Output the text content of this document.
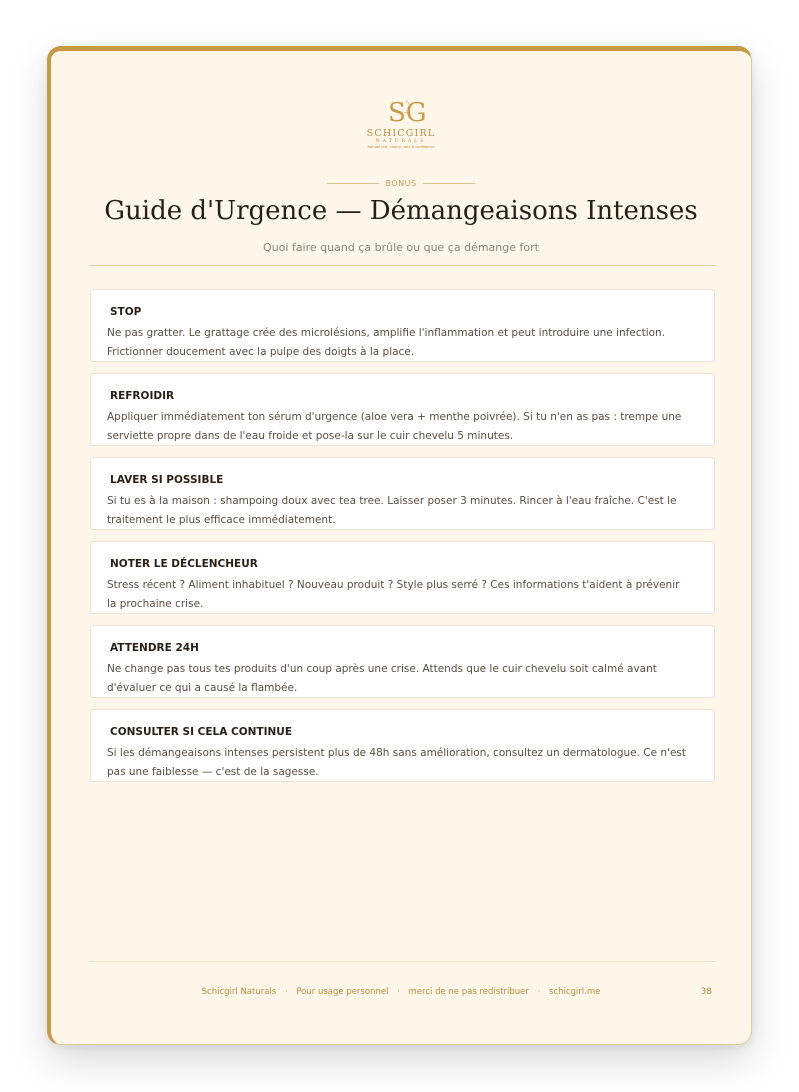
SG
SCHICGIRL
NATURALS
Naturel but · murry, soin & confidence
BONUS
Guide d'Urgence — Démangeaisons Intenses
Quoi faire quand ça brûle ou que ça démange fort
STOP
Ne pas gratter. Le grattage crée des microlésions, amplifie l'inflammation et peut introduire une infection. Frictionner doucement avec la pulpe des doigts à la place.
REFROIDIR
Appliquer immédiatement ton sérum d'urgence (aloe vera + menthe poivrée). Si tu n'en as pas : trempe une serviette propre dans de l'eau froide et pose-la sur le cuir chevelu 5 minutes.
LAVER SI POSSIBLE
Si tu es à la maison : shampoing doux avec tea tree. Laisser poser 3 minutes. Rincer à l'eau fraîche. C'est le traitement le plus efficace immédiatement.
NOTER LE DÉCLENCHEUR
Stress récent ? Aliment inhabituel ? Nouveau produit ? Style plus serré ? Ces informations t'aident à prévenir la prochaine crise.
ATTENDRE 24H
Ne change pas tous tes produits d'un coup après une crise. Attends que le cuir chevelu soit calmé avant d'évaluer ce qui a causé la flambée.
CONSULTER SI CELA CONTINUE
Si les démangeaisons intenses persistent plus de 48h sans amélioration, consultez un dermatologue. Ce n'est pas une faiblesse — c'est de la sagesse.
Schicgirl Naturals · Pour usage personnel · merci de ne pas redistribuer · schicgirl.me	38
